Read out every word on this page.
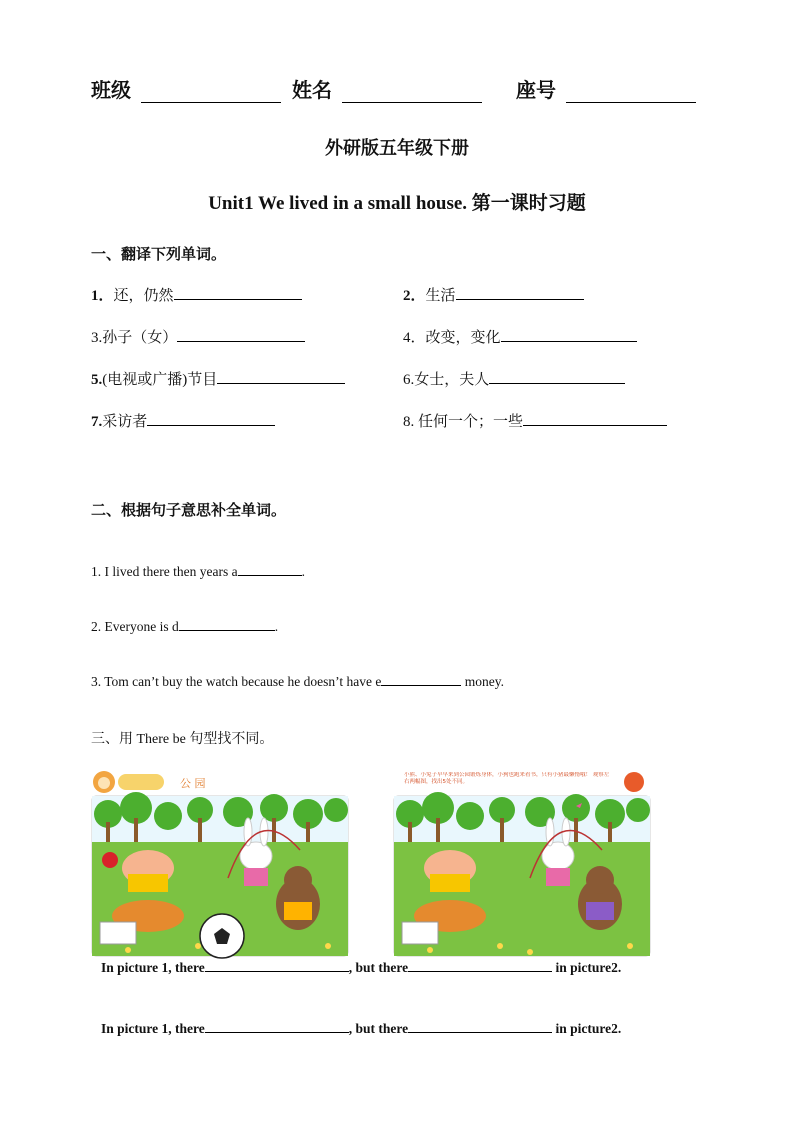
班级	姓名	座号
外研版五年级下册
Unit1 We lived in a small house. 第一课时习题
一、翻译下列单词。
1．还，仍然	2．生活
3.孙子（女）	4．改变，变化
5.(电视或广播)节目	6.女士，夫人
7.采访者	8. 任何一个；一些
二、根据句子意思补全单词。
1. I lived there then years a	.
2. Everyone is d	.
3. Tom can’t buy the watch because he doesn’t have e	money.
三、用 There be 句型找不同。
公 园
小熊、小兔子早早来到公园锻炼身体，小狗也跑来看书，只有小猪最懒惰哦！ 观察左右两幅图，找出5处不同。
In picture 1, there	, but there	in picture2.
In picture 1, there	, but there	in picture2.
